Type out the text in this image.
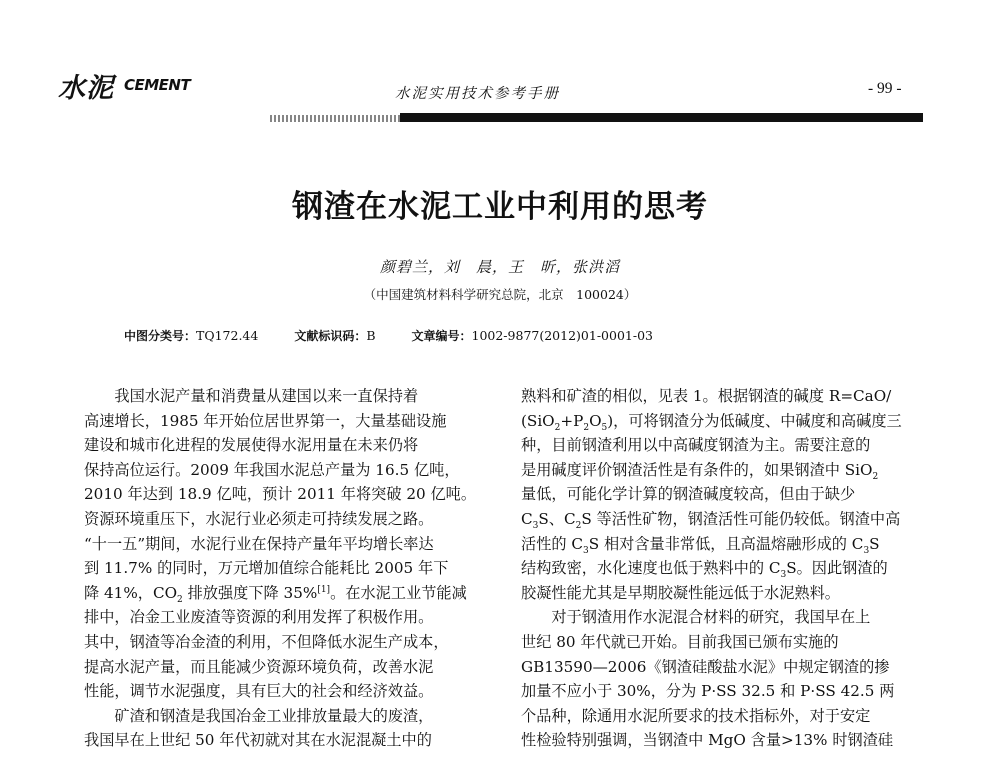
水泥 CEMENT	水泥实用技术参考手册	- 99 -
钢渣在水泥工业中利用的思考
颜碧兰，刘　晨，王　昕，张洪滔
（中国建筑材料科学研究总院，北京　100024）
中图分类号：TQ172.44	文献标识码：B	文章编号：1002-9877(2012)01-0001-03
我国水泥产量和消费量从建国以来一直保持着
高速增长，1985 年开始位居世界第一，大量基础设施
建设和城市化进程的发展使得水泥用量在未来仍将
保持高位运行。2009 年我国水泥总产量为 16.5 亿吨，
2010 年达到 18.9 亿吨，预计 2011 年将突破 20 亿吨。
资源环境重压下，水泥行业必须走可持续发展之路。
“十一五”期间，水泥行业在保持产量年平均增长率达
到 11.7% 的同时，万元增加值综合能耗比 2005 年下
降 41%，$CO_2$ 排放强度下降 35%[1]。在水泥工业节能减
排中，冶金工业废渣等资源的利用发挥了积极作用。
其中，钢渣等冶金渣的利用，不但降低水泥生产成本，
提高水泥产量，而且能减少资源环境负荷，改善水泥
性能，调节水泥强度，具有巨大的社会和经济效益。
矿渣和钢渣是我国冶金工业排放量最大的废渣，
我国早在上世纪 50 年代初就对其在水泥混凝土中的
熟料和矿渣的相似，见表 1。根据钢渣的碱度 R=CaO/
$(SiO_2+P_2O_5)$，可将钢渣分为低碱度、中碱度和高碱度三
种，目前钢渣利用以中高碱度钢渣为主。需要注意的
是用碱度评价钢渣活性是有条件的，如果钢渣中 SiO$_2$
量低，可能化学计算的钢渣碱度较高，但由于缺少
$C_3S$、$C_2S$ 等活性矿物，钢渣活性可能仍较低。钢渣中高
活性的 $C_3S$ 相对含量非常低，且高温熔融形成的 $C_3S$
结构致密，水化速度也低于熟料中的 $C_3S$。因此钢渣的
胶凝性能尤其是早期胶凝性能远低于水泥熟料。
对于钢渣用作水泥混合材料的研究，我国早在上
世纪 80 年代就已开始。目前我国已颁布实施的
GB13590—2006《钢渣硅酸盐水泥》中规定钢渣的掺
加量不应小于 30%，分为 P·SS 32.5 和 P·SS 42.5 两
个品种，除通用水泥所要求的技术指标外，对于安定
性检验特别强调，当钢渣中 MgO 含量>13% 时钢渣硅
